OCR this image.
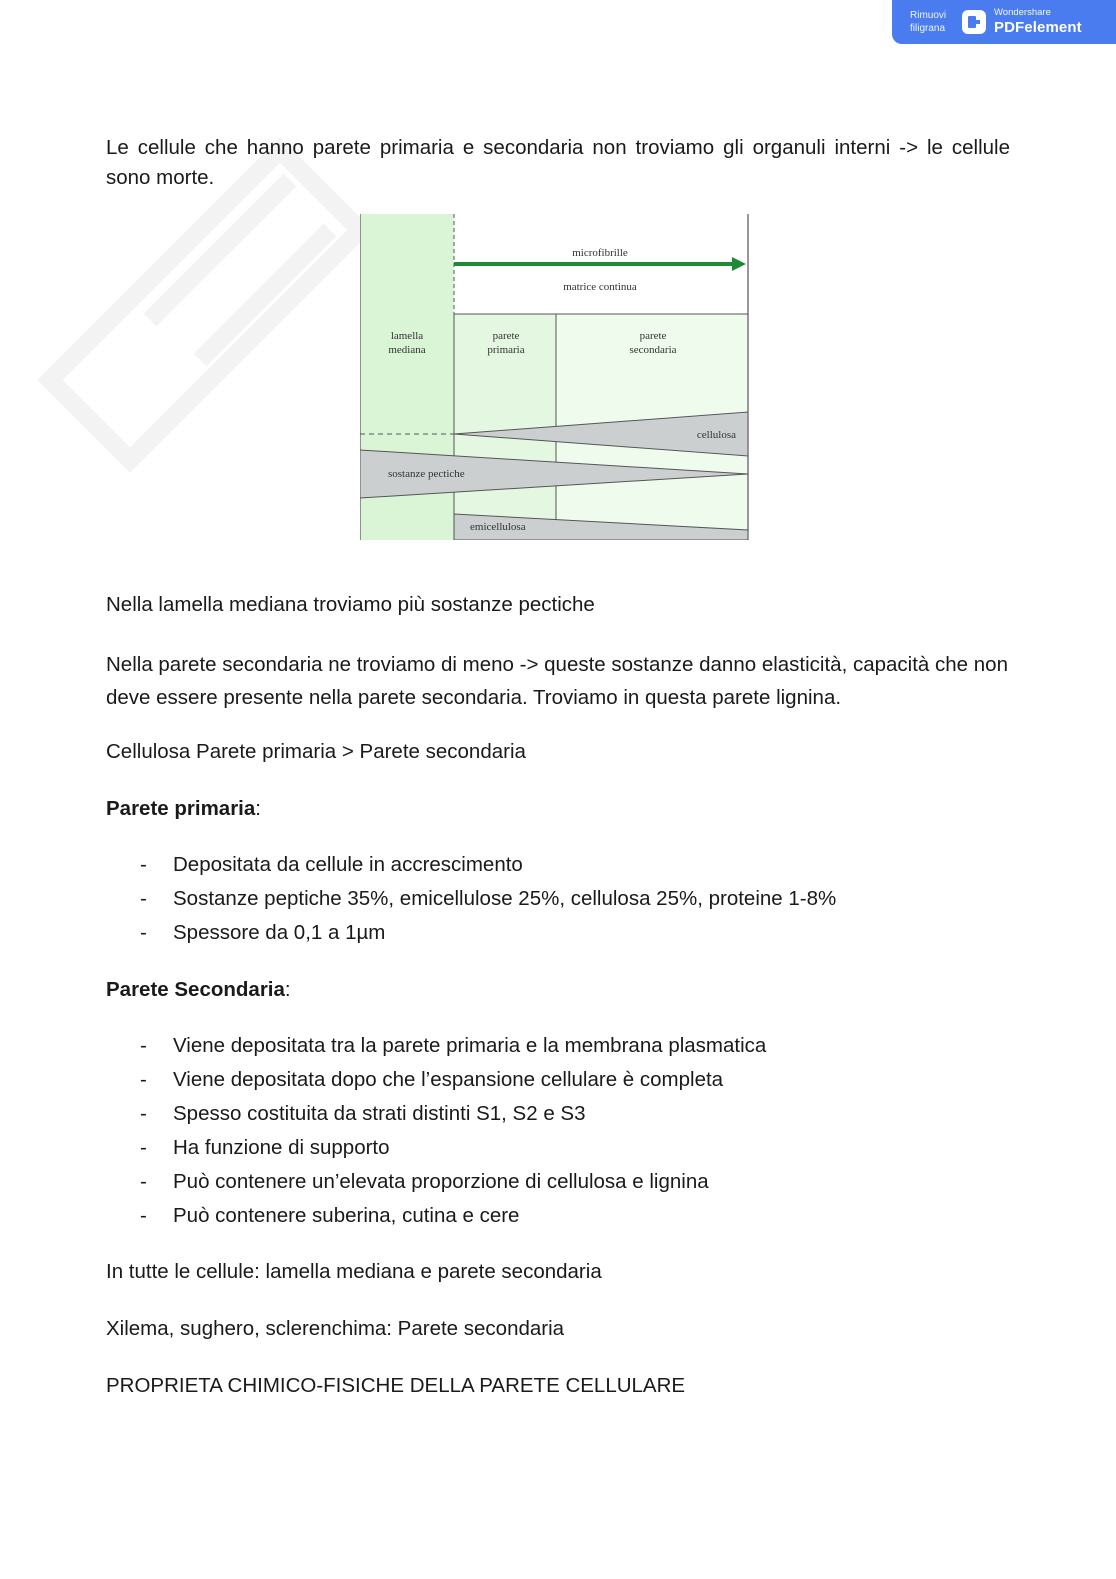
Rimuovi
filigrana
Wondershare
PDFelement

Le cellule che hanno parete primaria e secondaria non troviamo gli organuli interni -> le cellule sono morte.

microfibrille
matrice continua
lamella
mediana
parete
primaria
parete
secondaria
cellulosa
sostanze pectiche
emicellulosa

Nella lamella mediana troviamo più sostanze pectiche

Nella parete secondaria ne troviamo di meno -> queste sostanze danno elasticità, capacità che non deve essere presente nella parete secondaria. Troviamo in questa parete lignina.

Cellulosa Parete primaria > Parete secondaria

Parete primaria:

- Depositata da cellule in accrescimento
- Sostanze peptiche 35%, emicellulose 25%, cellulosa 25%, proteine 1-8%
- Spessore da 0,1 a 1µm

Parete Secondaria:

- Viene depositata tra la parete primaria e la membrana plasmatica
- Viene depositata dopo che l’espansione cellulare è completa
- Spesso costituita da strati distinti S1, S2 e S3
- Ha funzione di supporto
- Può contenere un’elevata proporzione di cellulosa e lignina
- Può contenere suberina, cutina e cere

In tutte le cellule: lamella mediana e parete secondaria

Xilema, sughero, sclerenchima: Parete secondaria

PROPRIETA CHIMICO-FISICHE DELLA PARETE CELLULARE
